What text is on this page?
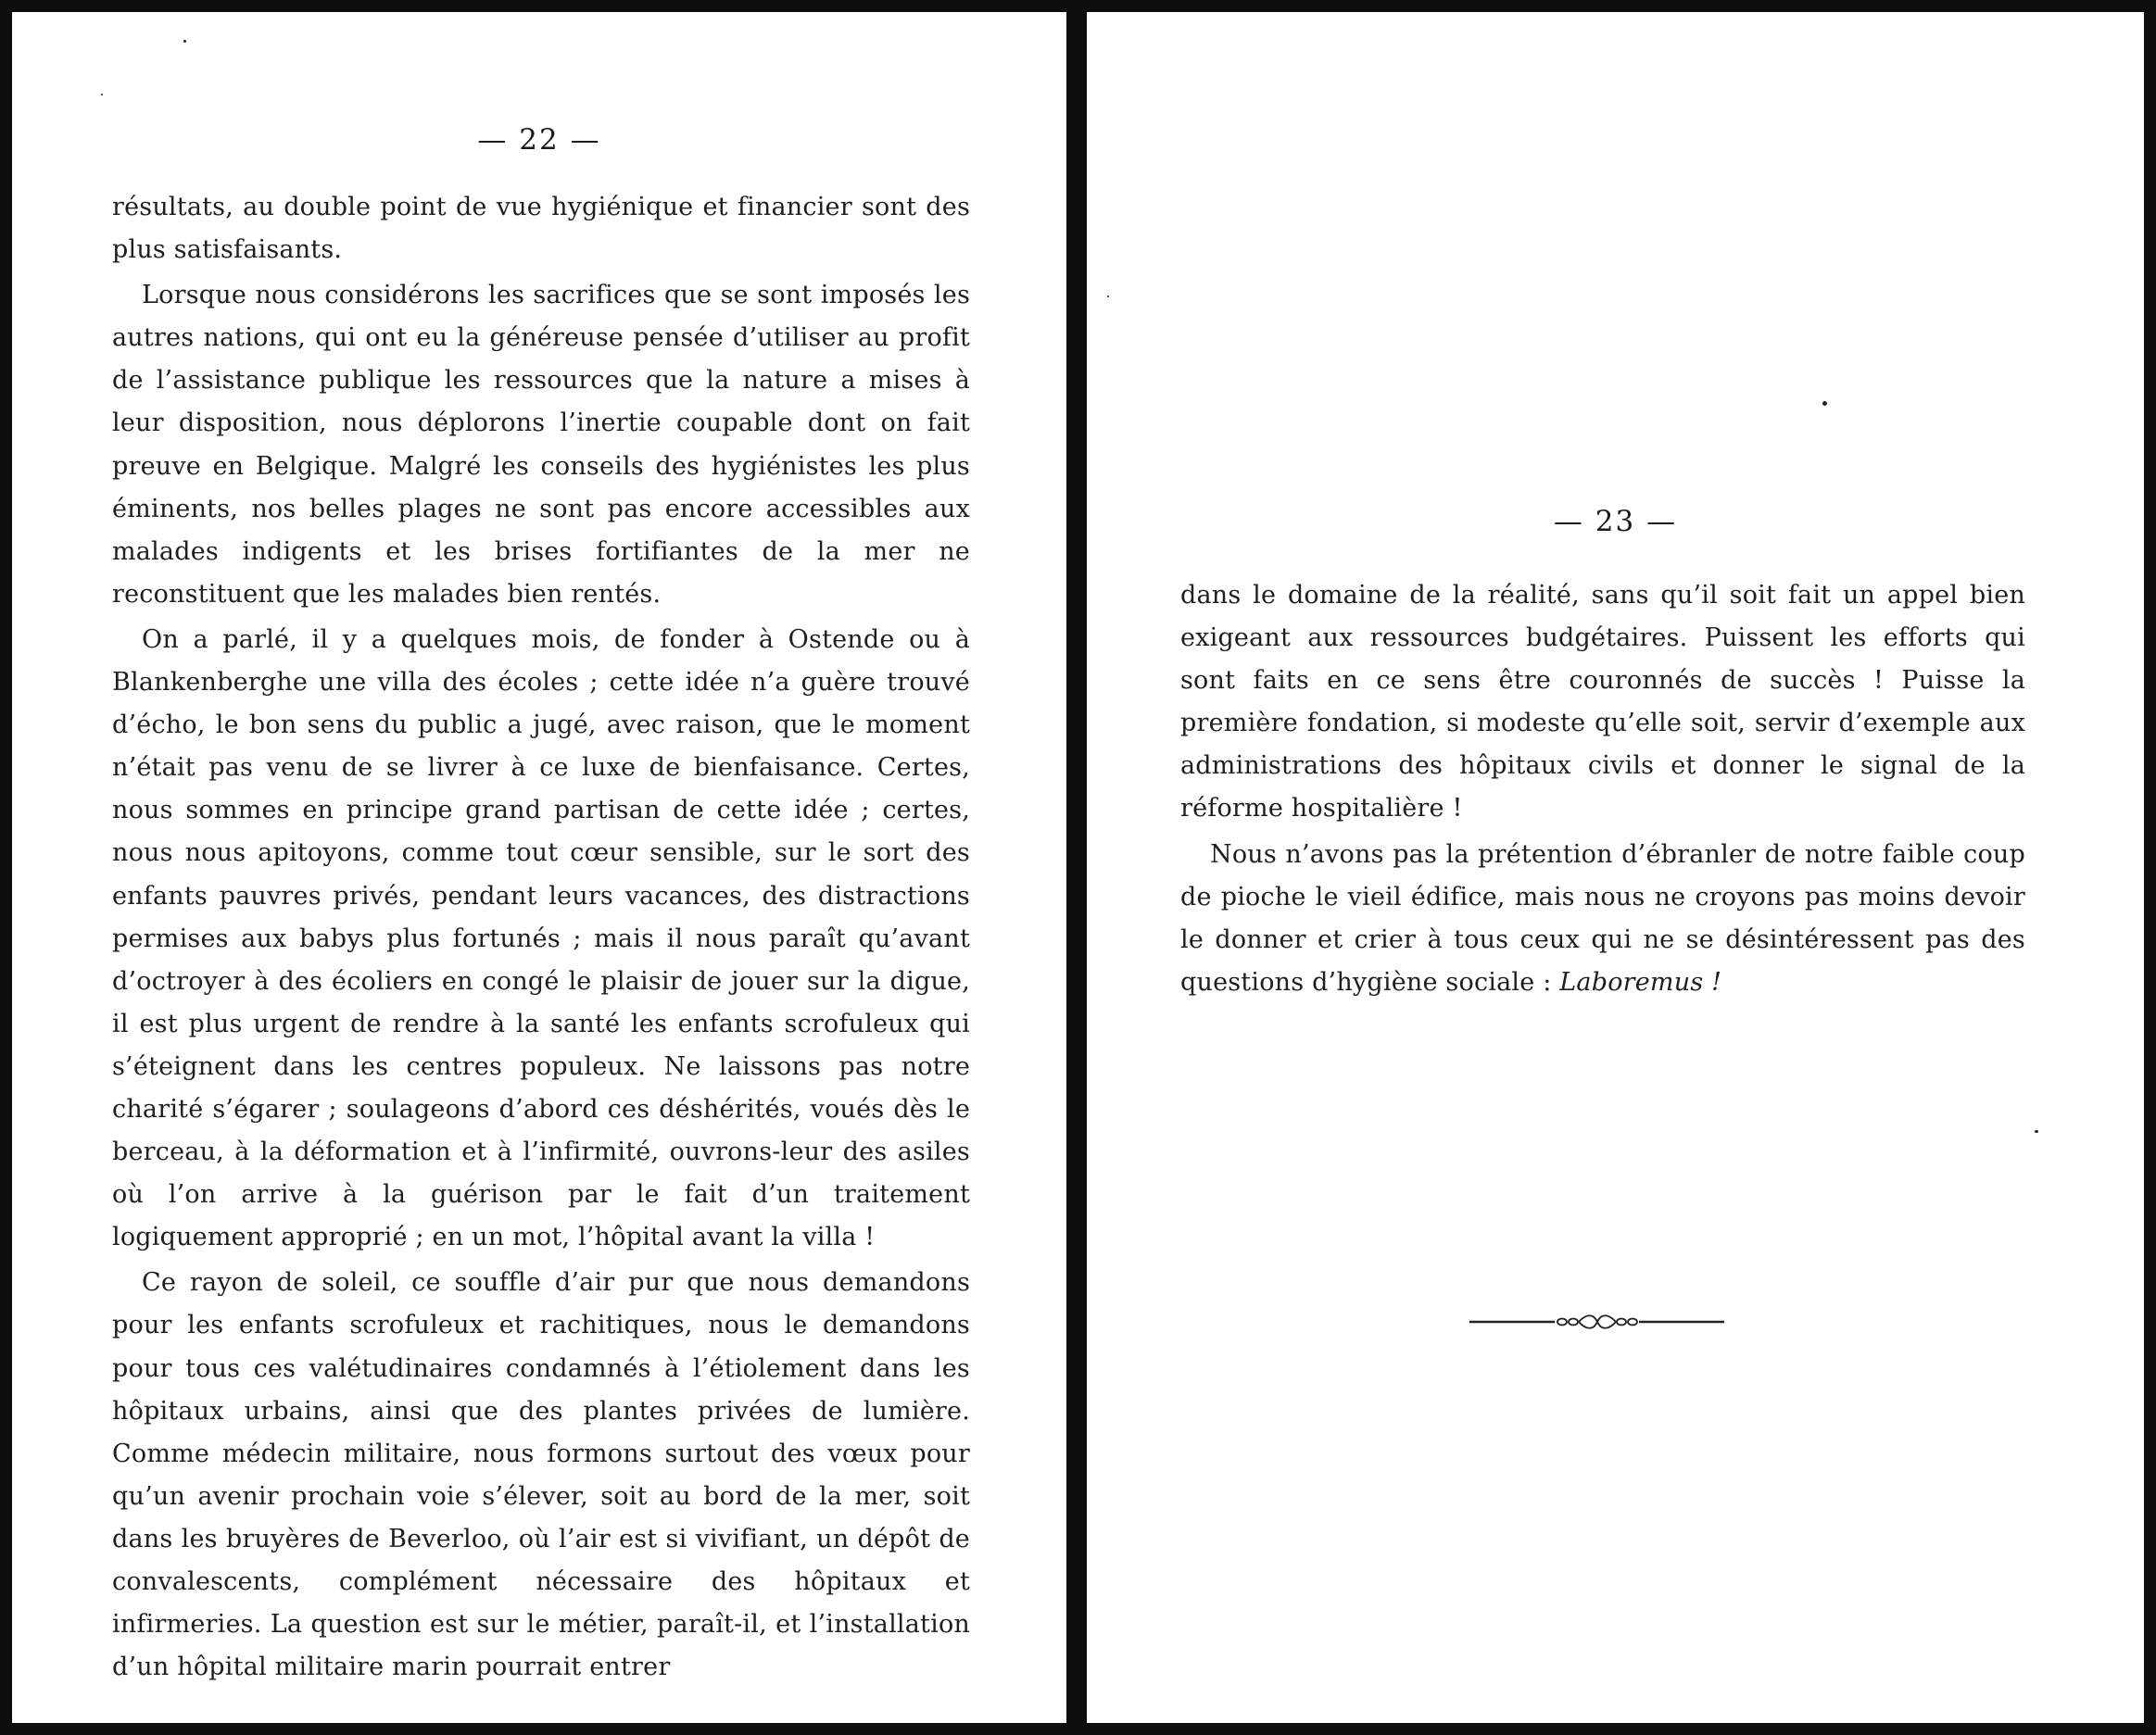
— 22 —

résultats, au double point de vue hygiénique et financier sont des plus satisfaisants.

Lorsque nous considérons les sacrifices que se sont imposés les autres nations, qui ont eu la généreuse pensée d’utiliser au profit de l’assistance publique les ressources que la nature a mises à leur disposition, nous déplorons l’inertie coupable dont on fait preuve en Belgique. Malgré les conseils des hygiénistes les plus éminents, nos belles plages ne sont pas encore accessibles aux malades indigents et les brises fortifiantes de la mer ne reconstituent que les malades bien rentés.

On a parlé, il y a quelques mois, de fonder à Ostende ou à Blankenberghe une villa des écoles ; cette idée n’a guère trouvé d’écho, le bon sens du public a jugé, avec raison, que le moment n’était pas venu de se livrer à ce luxe de bienfaisance. Certes, nous sommes en principe grand partisan de cette idée ; certes, nous nous apitoyons, comme tout cœur sensible, sur le sort des enfants pauvres privés, pendant leurs vacances, des distractions permises aux babys plus fortunés ; mais il nous paraît qu’avant d’octroyer à des écoliers en congé le plaisir de jouer sur la digue, il est plus urgent de rendre à la santé les enfants scrofuleux qui s’éteignent dans les centres populeux. Ne laissons pas notre charité s’égarer ; soulageons d’abord ces déshérités, voués dès le berceau, à la déformation et à l’infirmité, ouvrons-leur des asiles où l’on arrive à la guérison par le fait d’un traitement logiquement approprié ; en un mot, l’hôpital avant la villa !

Ce rayon de soleil, ce souffle d’air pur que nous demandons pour les enfants scrofuleux et rachitiques, nous le demandons pour tous ces valétudinaires condamnés à l’étiolement dans les hôpitaux urbains, ainsi que des plantes privées de lumière. Comme médecin militaire, nous formons surtout des vœux pour qu’un avenir prochain voie s’élever, soit au bord de la mer, soit dans les bruyères de Beverloo, où l’air est si vivifiant, un dépôt de convalescents, complément nécessaire des hôpitaux et infirmeries. La question est sur le métier, paraît-il, et l’installation d’un hôpital militaire marin pourrait entrer

— 23 —

dans le domaine de la réalité, sans qu’il soit fait un appel bien exigeant aux ressources budgétaires. Puissent les efforts qui sont faits en ce sens être couronnés de succès ! Puisse la première fondation, si modeste qu’elle soit, servir d’exemple aux administrations des hôpitaux civils et donner le signal de la réforme hospitalière !

Nous n’avons pas la prétention d’ébranler de notre faible coup de pioche le vieil édifice, mais nous ne croyons pas moins devoir le donner et crier à tous ceux qui ne se désintéressent pas des questions d’hygiène sociale : Laboremus !
